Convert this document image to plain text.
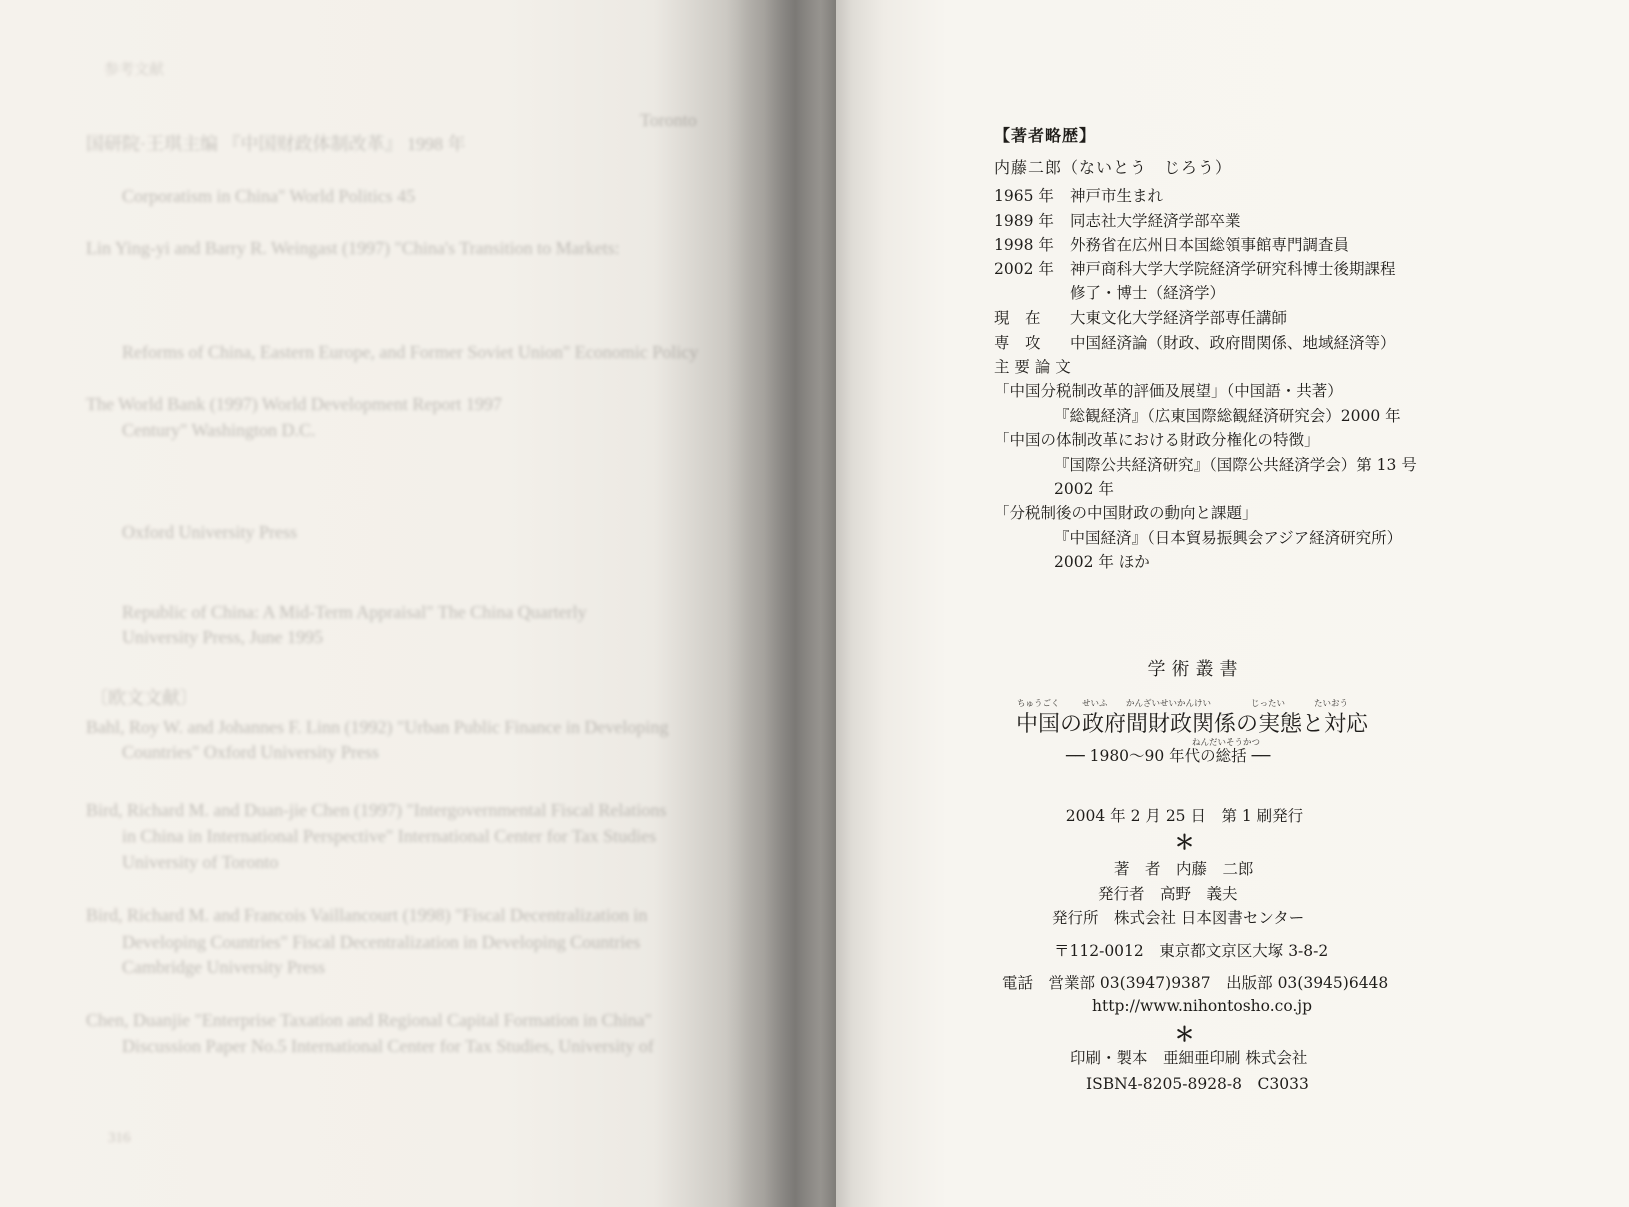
参考文献
Toronto
国研院·王琪主编 『中国财政体制改革』 1998 年
Lin Ying-yi and Barry R. Weingast (1997) "China's Transition to Markets:
Corporatism in China" World Politics 45
Reforms of China, Eastern Europe, and Former Soviet Union" Economic Policy
The World Bank (1997) World Development Report 1997
Century" Washington D.C.
Oxford University Press
Republic of China: A Mid-Term Appraisal" The China Quarterly
University Press, June 1995
〔欧文文献〕
Bahl, Roy W. and Johannes F. Linn (1992) "Urban Public Finance in Developing
Countries" Oxford University Press
Bird, Richard M. and Duan-jie Chen (1997) "Intergovernmental Fiscal Relations
in China in International Perspective" International Center for Tax Studies
University of Toronto
Bird, Richard M. and Francois Vaillancourt (1998) "Fiscal Decentralization in
Developing Countries" Fiscal Decentralization in Developing Countries
Cambridge University Press
Chen, Duanjie "Enterprise Taxation and Regional Capital Formation in China"
Discussion Paper No.5 International Center for Tax Studies, University of
316
【著者略歴】
内藤二郎（ないとう　じろう）
1965 年 神戸市生まれ
1989 年 同志社大学経済学部卒業
1998 年 外務省在広州日本国総領事館専門調査員
2002 年 神戸商科大学大学院経済学研究科博士後期課程
修了・博士（経済学）
現　在 大東文化大学経済学部専任講師
専　攻 中国経済論（財政、政府間関係、地域経済等）
主 要 論 文
「中国分税制改革的評価及展望」（中国語・共著）
『総観経済』（広東国際総観経済研究会）2000 年
「中国の体制改革における財政分権化の特徴」
『国際公共経済研究』（国際公共経済学会）第 13 号
2002 年
「分税制後の中国財政の動向と課題」
『中国経済』（日本貿易振興会アジア経済研究所）
2002 年 ほか
学術叢書
ちゅうごく	せいふ かんざいせいかんけい	じったい	たいおう
中国の政府間財政関係の実態と対応
ねんだい そうかつ
── 1980～90 年代の総括 ──
2004 年 2 月 25 日　第 1 刷発行
＊
著　者　内藤　二郎
発行者　高野　義夫
発行所　株式会社 日本図書センター
〒112-0012　東京都文京区大塚 3-8-2
電話　営業部 03(3947)9387　出版部 03(3945)6448
http://www.nihontosho.co.jp
＊
印刷・製本　亜細亜印刷 株式会社
ISBN4-8205-8928-8　C3033
